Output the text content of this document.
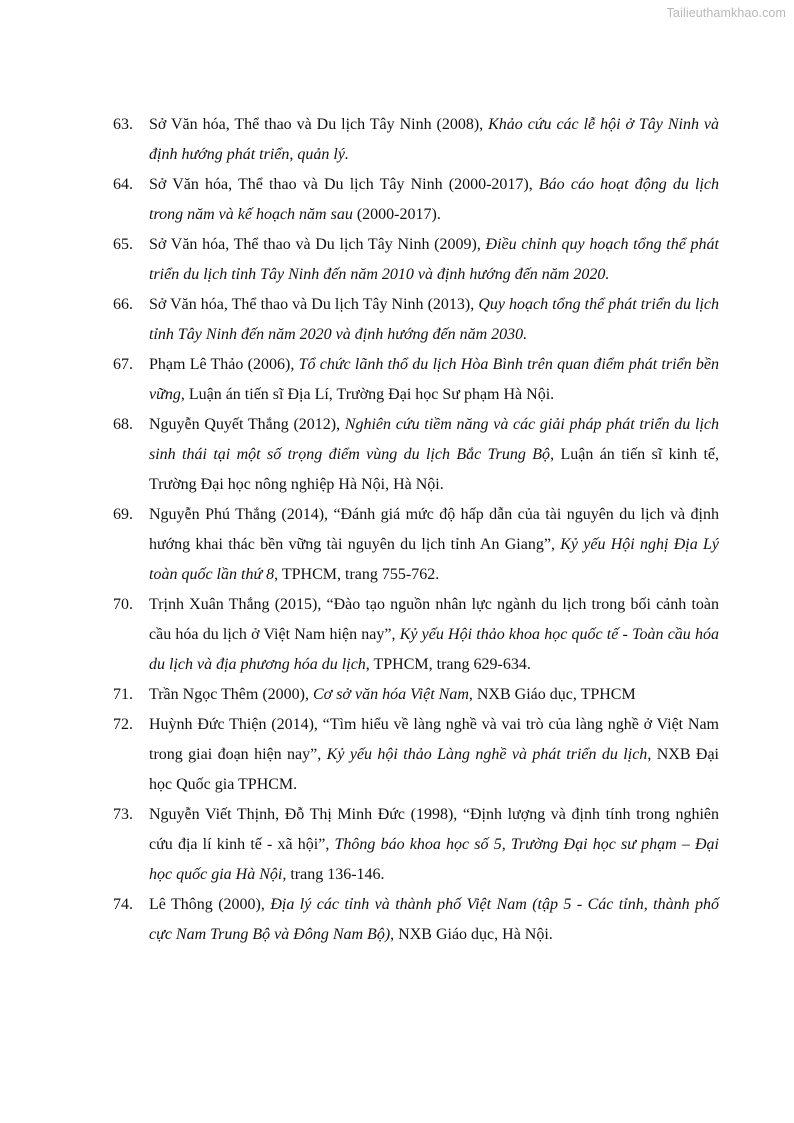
Tailieuthamkhao.com
63. Sở Văn hóa, Thể thao và Du lịch Tây Ninh (2008), Khảo cứu các lễ hội ở Tây Ninh và định hướng phát triển, quản lý.
64. Sở Văn hóa, Thể thao và Du lịch Tây Ninh (2000-2017), Báo cáo hoạt động du lịch trong năm và kế hoạch năm sau (2000-2017).
65. Sở Văn hóa, Thể thao và Du lịch Tây Ninh (2009), Điều chỉnh quy hoạch tổng thể phát triển du lịch tỉnh Tây Ninh đến năm 2010 và định hướng đến năm 2020.
66. Sở Văn hóa, Thể thao và Du lịch Tây Ninh (2013), Quy hoạch tổng thể phát triển du lịch tỉnh Tây Ninh đến năm 2020 và định hướng đến năm 2030.
67. Phạm Lê Thảo (2006), Tổ chức lãnh thổ du lịch Hòa Bình trên quan điểm phát triển bền vững, Luận án tiến sĩ Địa Lí, Trường Đại học Sư phạm Hà Nội.
68. Nguyễn Quyết Thắng (2012), Nghiên cứu tiềm năng và các giải pháp phát triển du lịch sinh thái tại một số trọng điểm vùng du lịch Bắc Trung Bộ, Luận án tiến sĩ kinh tế, Trường Đại học nông nghiệp Hà Nội, Hà Nội.
69. Nguyễn Phú Thắng (2014), “Đánh giá mức độ hấp dẫn của tài nguyên du lịch và định hướng khai thác bền vững tài nguyên du lịch tỉnh An Giang”, Kỷ yếu Hội nghị Địa Lý toàn quốc lần thứ 8, TPHCM, trang 755-762.
70. Trịnh Xuân Thắng (2015), “Đào tạo nguồn nhân lực ngành du lịch trong bối cảnh toàn cầu hóa du lịch ở Việt Nam hiện nay”, Kỷ yếu Hội thảo khoa học quốc tế - Toàn cầu hóa du lịch và địa phương hóa du lịch, TPHCM, trang 629-634.
71. Trần Ngọc Thêm (2000), Cơ sở văn hóa Việt Nam, NXB Giáo dục, TPHCM
72. Huỳnh Đức Thiện (2014), “Tìm hiểu về làng nghề và vai trò của làng nghề ở Việt Nam trong giai đoạn hiện nay”, Kỷ yếu hội thảo Làng nghề và phát triển du lịch, NXB Đại học Quốc gia TPHCM.
73. Nguyễn Viết Thịnh, Đỗ Thị Minh Đức (1998), “Định lượng và định tính trong nghiên cứu địa lí kinh tế - xã hội”, Thông báo khoa học số 5, Trường Đại học sư phạm – Đại học quốc gia Hà Nội, trang 136-146.
74. Lê Thông (2000), Địa lý các tỉnh và thành phố Việt Nam (tập 5 - Các tỉnh, thành phố cực Nam Trung Bộ và Đông Nam Bộ), NXB Giáo dục, Hà Nội.
